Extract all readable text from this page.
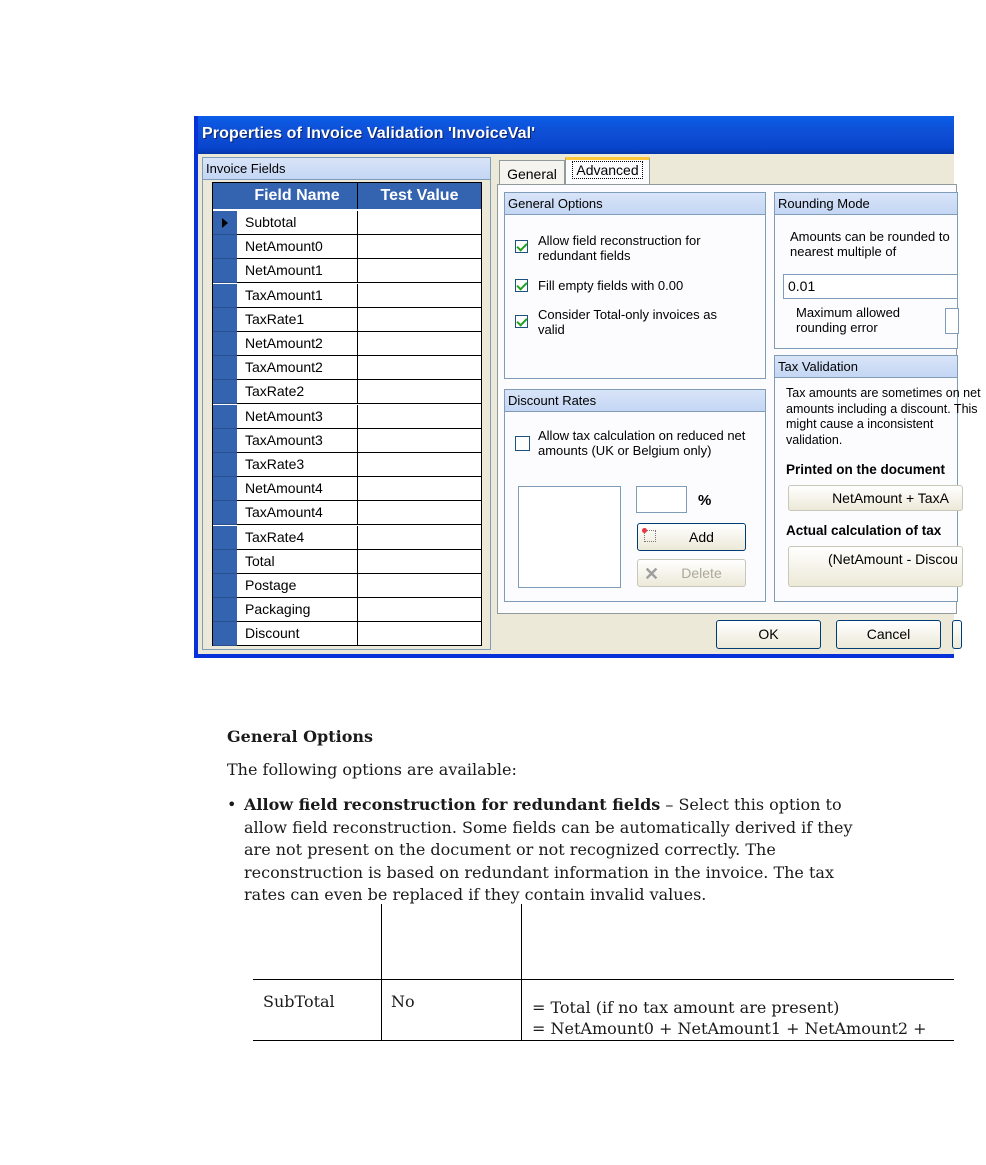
Properties of Invoice Validation 'InvoiceVal'
Invoice Fields
Field Name	Test Value
Subtotal
NetAmount0
NetAmount1
TaxAmount1
TaxRate1
NetAmount2
TaxAmount2
TaxRate2
NetAmount3
TaxAmount3
TaxRate3
NetAmount4
TaxAmount4
TaxRate4
Total
Postage
Packaging
Discount
General	Advanced
General Options
Allow field reconstruction for redundant fields
Fill empty fields with 0.00
Consider Total-only invoices as valid
Discount Rates
Allow tax calculation on reduced net amounts (UK or Belgium only)
%
Add
✕ Delete
Rounding Mode
Amounts can be rounded to nearest multiple of
0.01
Maximum allowed rounding error
Tax Validation
Tax amounts are sometimes on net amounts including a discount. This might cause a inconsistent validation.
Printed on the document
NetAmount + TaxA
Actual calculation of tax
(NetAmount - Discou
OK	Cancel
General Options
The following options are available:
• Allow field reconstruction for redundant fields – Select this option to allow field reconstruction. Some fields can be automatically derived if they are not present on the document or not recognized correctly. The reconstruction is based on redundant information in the invoice. The tax rates can even be replaced if they contain invalid values.
SubTotal	No	= Total (if no tax amount are present)
= NetAmount0 + NetAmount1 + NetAmount2 +
